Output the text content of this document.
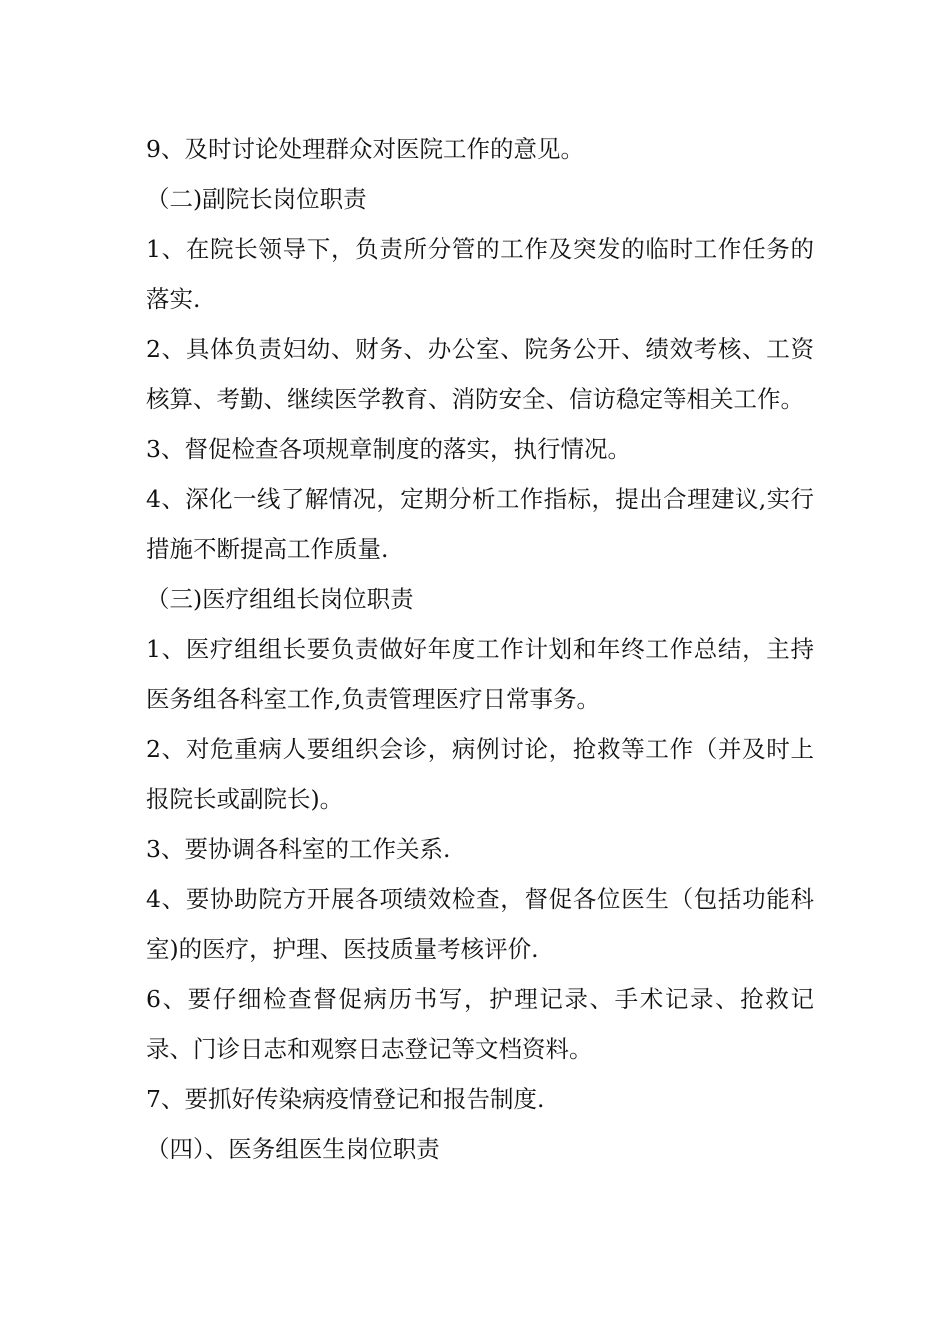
9、及时讨论处理群众对医院工作的意见。

（二)副院长岗位职责

1、在院长领导下，负责所分管的工作及突发的临时工作任务的落实.

2、具体负责妇幼、财务、办公室、院务公开、绩效考核、工资核算、考勤、继续医学教育、消防安全、信访稳定等相关工作。

3、督促检查各项规章制度的落实，执行情况。

4、深化一线了解情况，定期分析工作指标，提出合理建议,实行措施不断提高工作质量.

（三)医疗组组长岗位职责

1、医疗组组长要负责做好年度工作计划和年终工作总结，主持医务组各科室工作,负责管理医疗日常事务。

2、对危重病人要组织会诊，病例讨论，抢救等工作（并及时上报院长或副院长)。

3、要协调各科室的工作关系.

4、要协助院方开展各项绩效检查，督促各位医生（包括功能科室)的医疗，护理、医技质量考核评价.

6、要仔细检查督促病历书写，护理记录、手术记录、抢救记录、门诊日志和观察日志登记等文档资料。

7、要抓好传染病疫情登记和报告制度.

（四）、医务组医生岗位职责
